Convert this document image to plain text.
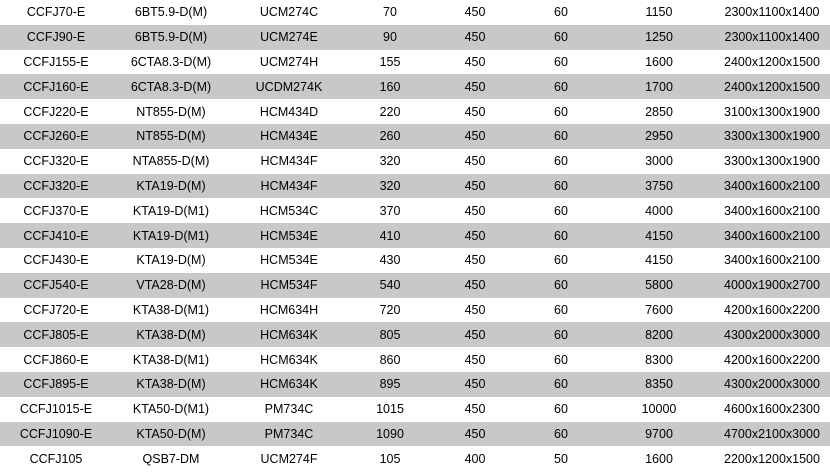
CCFJ70-E	6BT5.9-D(M)	UCM274C	70	450	60	1150	2300x1100x1400
CCFJ90-E	6BT5.9-D(M)	UCM274E	90	450	60	1250	2300x1100x1400
CCFJ155-E	6CTA8.3-D(M)	UCM274H	155	450	60	1600	2400x1200x1500
CCFJ160-E	6CTA8.3-D(M)	UCDM274K	160	450	60	1700	2400x1200x1500
CCFJ220-E	NT855-D(M)	HCM434D	220	450	60	2850	3100x1300x1900
CCFJ260-E	NT855-D(M)	HCM434E	260	450	60	2950	3300x1300x1900
CCFJ320-E	NTA855-D(M)	HCM434F	320	450	60	3000	3300x1300x1900
CCFJ320-E	KTA19-D(M)	HCM434F	320	450	60	3750	3400x1600x2100
CCFJ370-E	KTA19-D(M1)	HCM534C	370	450	60	4000	3400x1600x2100
CCFJ410-E	KTA19-D(M1)	HCM534E	410	450	60	4150	3400x1600x2100
CCFJ430-E	KTA19-D(M)	HCM534E	430	450	60	4150	3400x1600x2100
CCFJ540-E	VTA28-D(M)	HCM534F	540	450	60	5800	4000x1900x2700
CCFJ720-E	KTA38-D(M1)	HCM634H	720	450	60	7600	4200x1600x2200
CCFJ805-E	KTA38-D(M)	HCM634K	805	450	60	8200	4300x2000x3000
CCFJ860-E	KTA38-D(M1)	HCM634K	860	450	60	8300	4200x1600x2200
CCFJ895-E	KTA38-D(M)	HCM634K	895	450	60	8350	4300x2000x3000
CCFJ1015-E	KTA50-D(M1)	PM734C	1015	450	60	10000	4600x1600x2300
CCFJ1090-E	KTA50-D(M)	PM734C	1090	450	60	9700	4700x2100x3000
CCFJ105	QSB7-DM	UCM274F	105	400	50	1600	2200x1200x1500
